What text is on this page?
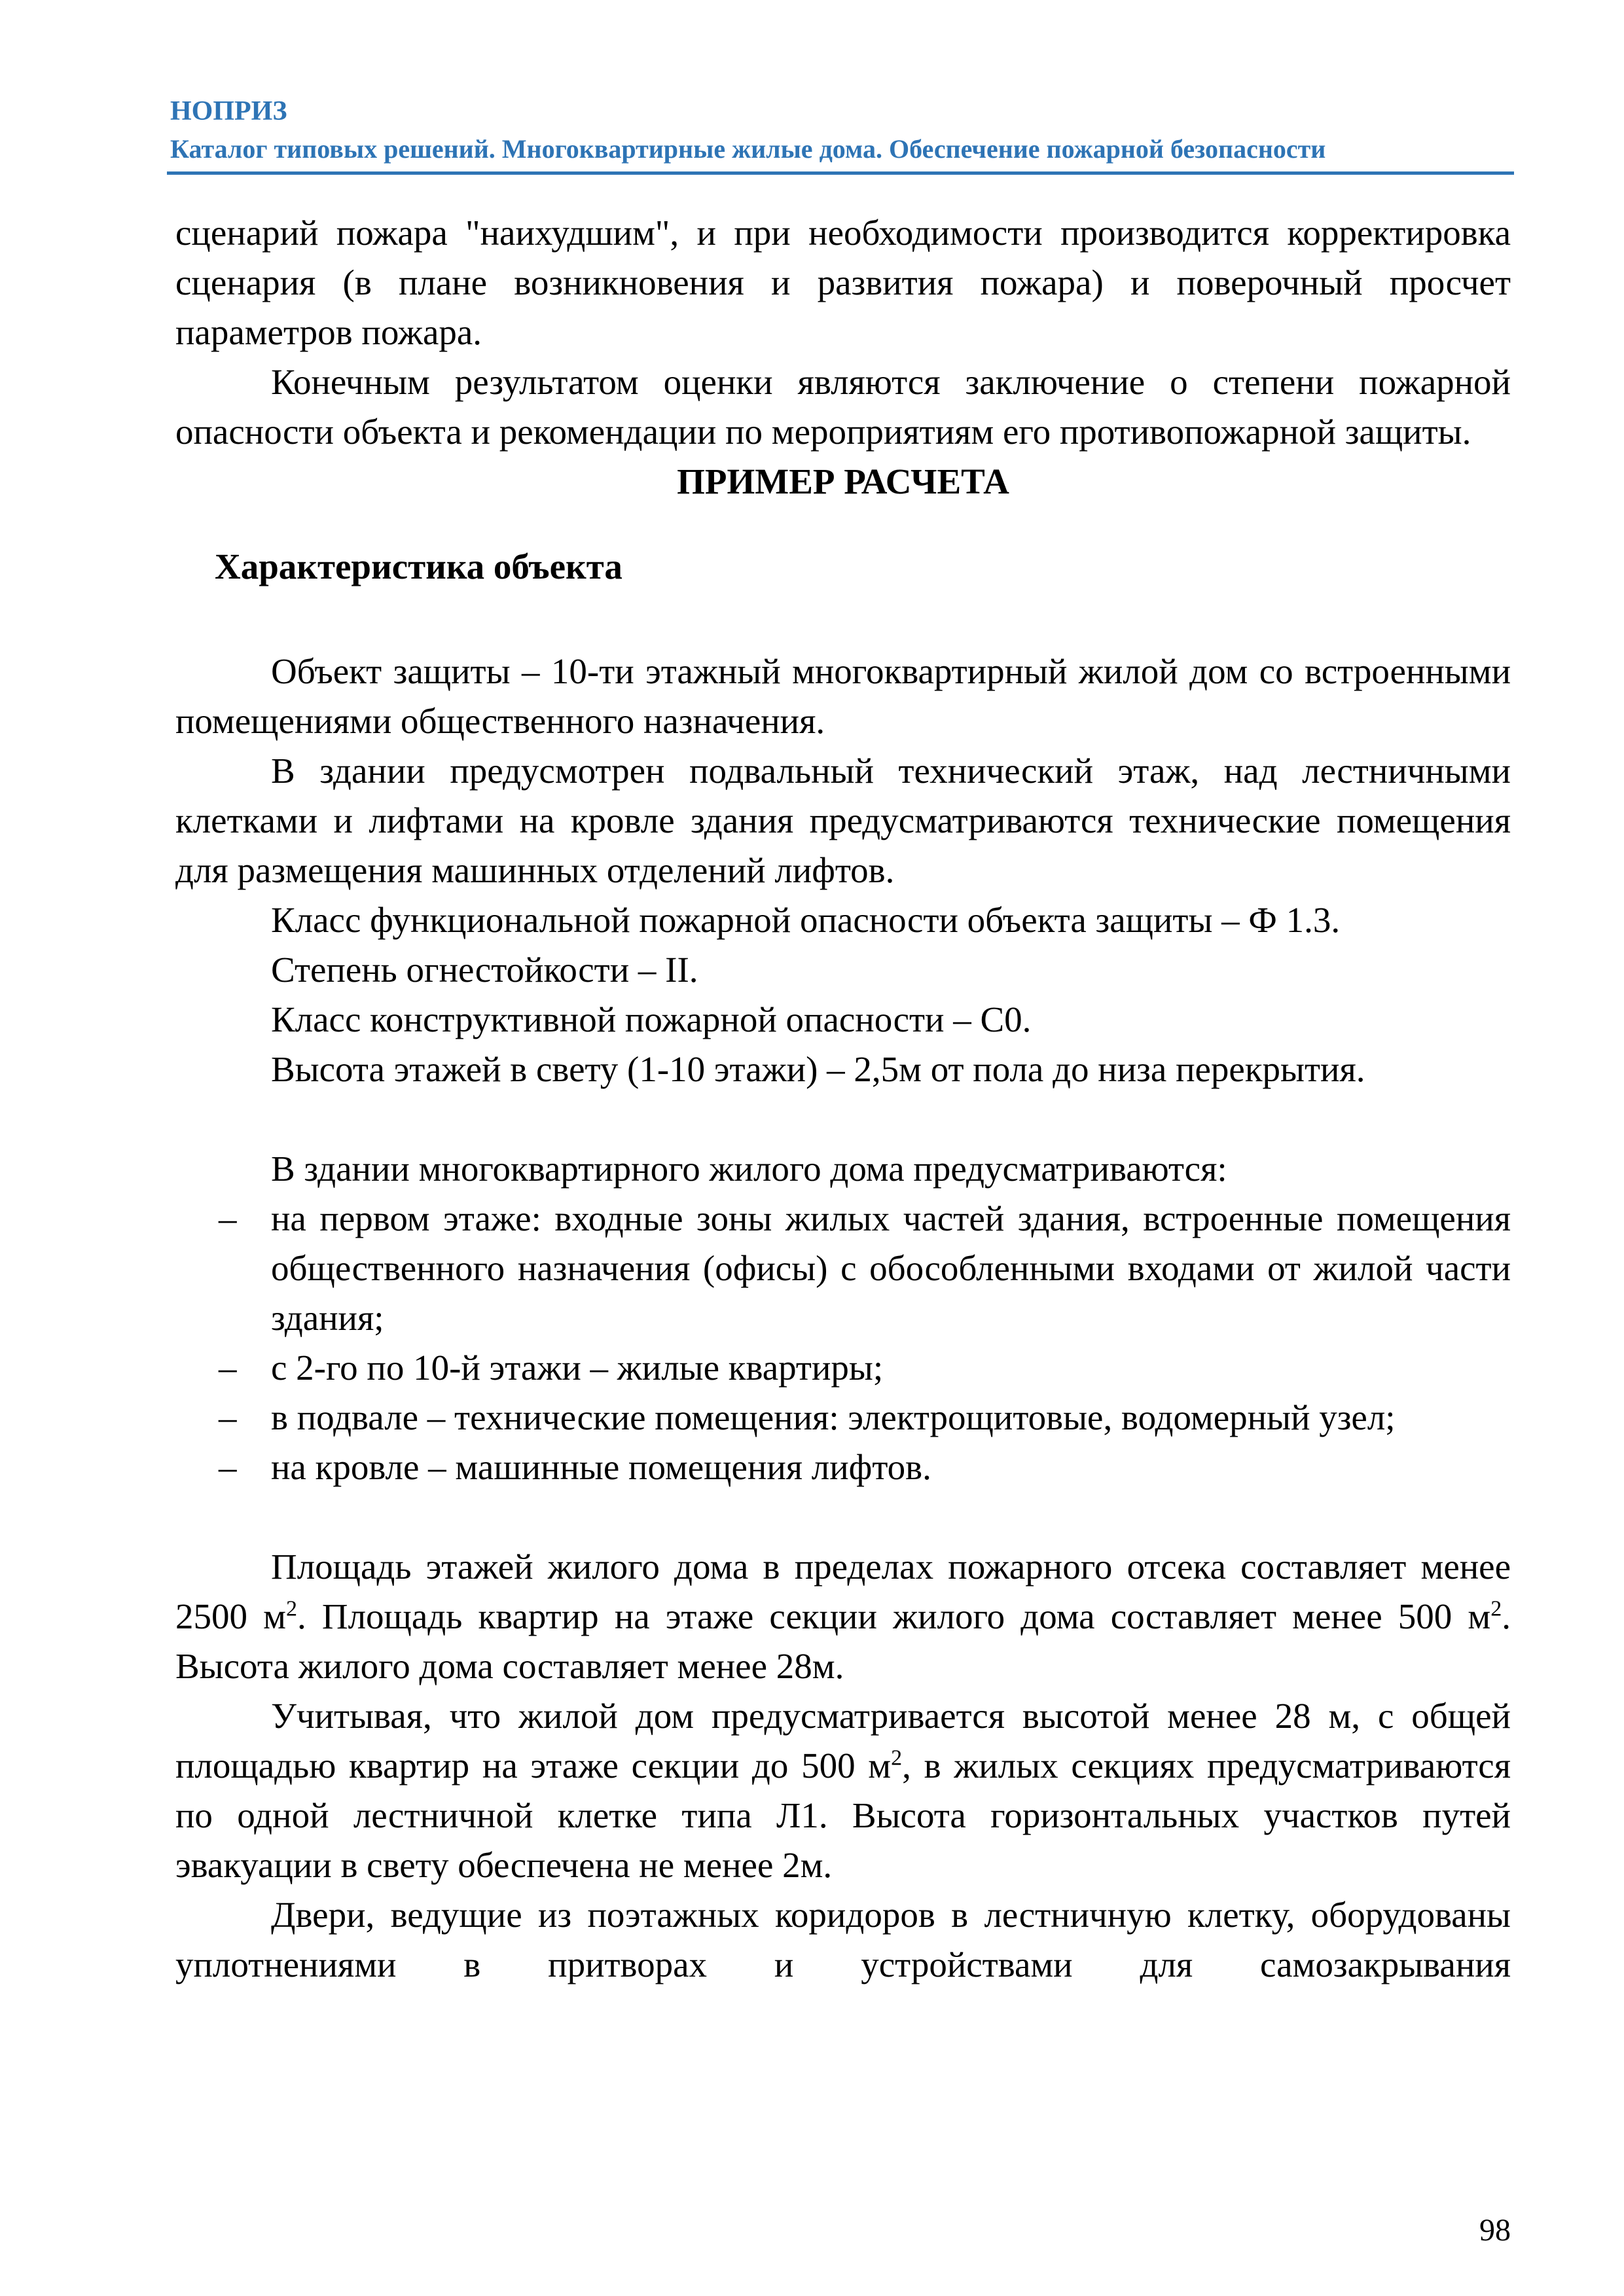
НОПРИЗ
Каталог типовых решений. Многоквартирные жилые дома. Обеспечение пожарной безопасности

сценарий пожара "наихудшим", и при необходимости производится корректировка сценария (в плане возникновения и развития пожара) и поверочный просчет параметров пожара.

Конечным результатом оценки являются заключение о степени пожарной опасности объекта и рекомендации по мероприятиям его противопожарной защиты.

ПРИМЕР РАСЧЕТА
Характеристика объекта

Объект защиты – 10-ти этажный многоквартирный жилой дом со встроенными помещениями общественного назначения.

В здании предусмотрен подвальный технический этаж, над лестничными клетками и лифтами на кровле здания предусматриваются технические помещения для размещения машинных отделений лифтов.

Класс функциональной пожарной опасности объекта защиты – Ф 1.3.

Степень огнестойкости – II.

Класс конструктивной пожарной опасности – С0.

Высота этажей в свету (1-10 этажи) – 2,5м от пола до низа перекрытия.

В здании многоквартирного жилого дома предусматриваются:

– на первом этаже: входные зоны жилых частей здания, встроенные помещения общественного назначения (офисы) с обособленными входами от жилой части здания;
– с 2-го по 10-й этажи – жилые квартиры;
– в подвале – технические помещения: электрощитовые, водомерный узел;
– на кровле – машинные помещения лифтов.

Площадь этажей жилого дома в пределах пожарного отсека составляет менее 2500 $м^2$. Площадь квартир на этаже секции жилого дома составляет менее 500 $м^2$. Высота жилого дома составляет менее 28м.

Учитывая, что жилой дом предусматривается высотой менее 28 м, с общей площадью квартир на этаже секции до 500 $м^2$, в жилых секциях предусматриваются по одной лестничной клетке типа Л1. Высота горизонтальных участков путей эвакуации в свету обеспечена не менее 2м.

Двери, ведущие из поэтажных коридоров в лестничную клетку, оборудованы уплотнениями в притворах и устройствами для самозакрывания

98
